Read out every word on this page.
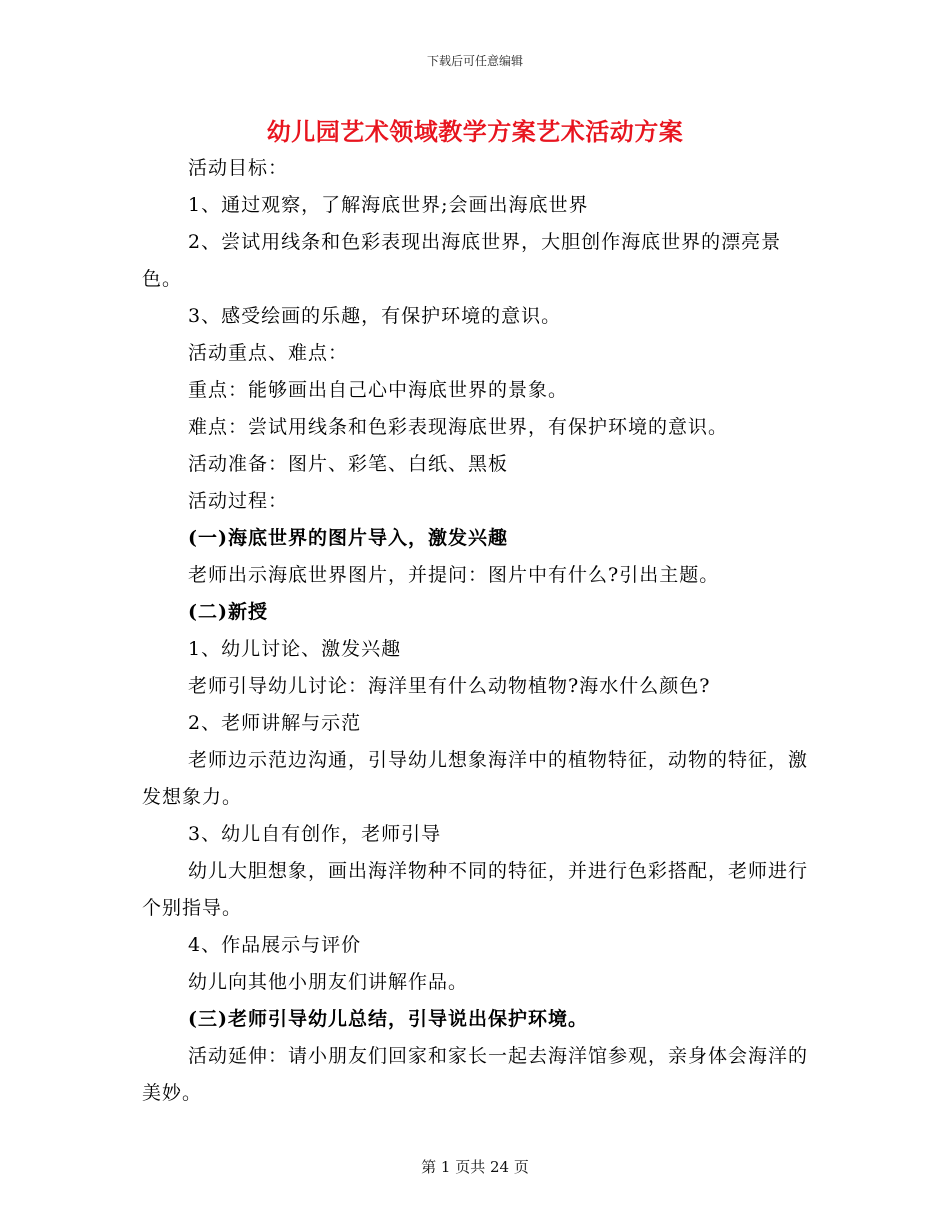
下载后可任意编辑
幼儿园艺术领域教学方案艺术活动方案

活动目标：

1、通过观察，了解海底世界;会画出海底世界

2、尝试用线条和色彩表现出海底世界，大胆创作海底世界的漂亮景色。

3、感受绘画的乐趣，有保护环境的意识。

活动重点、难点：

重点：能够画出自己心中海底世界的景象。

难点：尝试用线条和色彩表现海底世界，有保护环境的意识。

活动准备：图片、彩笔、白纸、黑板

活动过程：

(一)海底世界的图片导入，激发兴趣

老师出示海底世界图片，并提问：图片中有什么?引出主题。

(二)新授

1、幼儿讨论、激发兴趣

老师引导幼儿讨论：海洋里有什么动物植物?海水什么颜色?

2、老师讲解与示范

老师边示范边沟通，引导幼儿想象海洋中的植物特征，动物的特征，激发想象力。

3、幼儿自有创作，老师引导

幼儿大胆想象，画出海洋物种不同的特征，并进行色彩搭配，老师进行个别指导。

4、作品展示与评价

幼儿向其他小朋友们讲解作品。

(三)老师引导幼儿总结，引导说出保护环境。

活动延伸：请小朋友们回家和家长一起去海洋馆参观，亲身体会海洋的美妙。

第 1 页共 24 页
